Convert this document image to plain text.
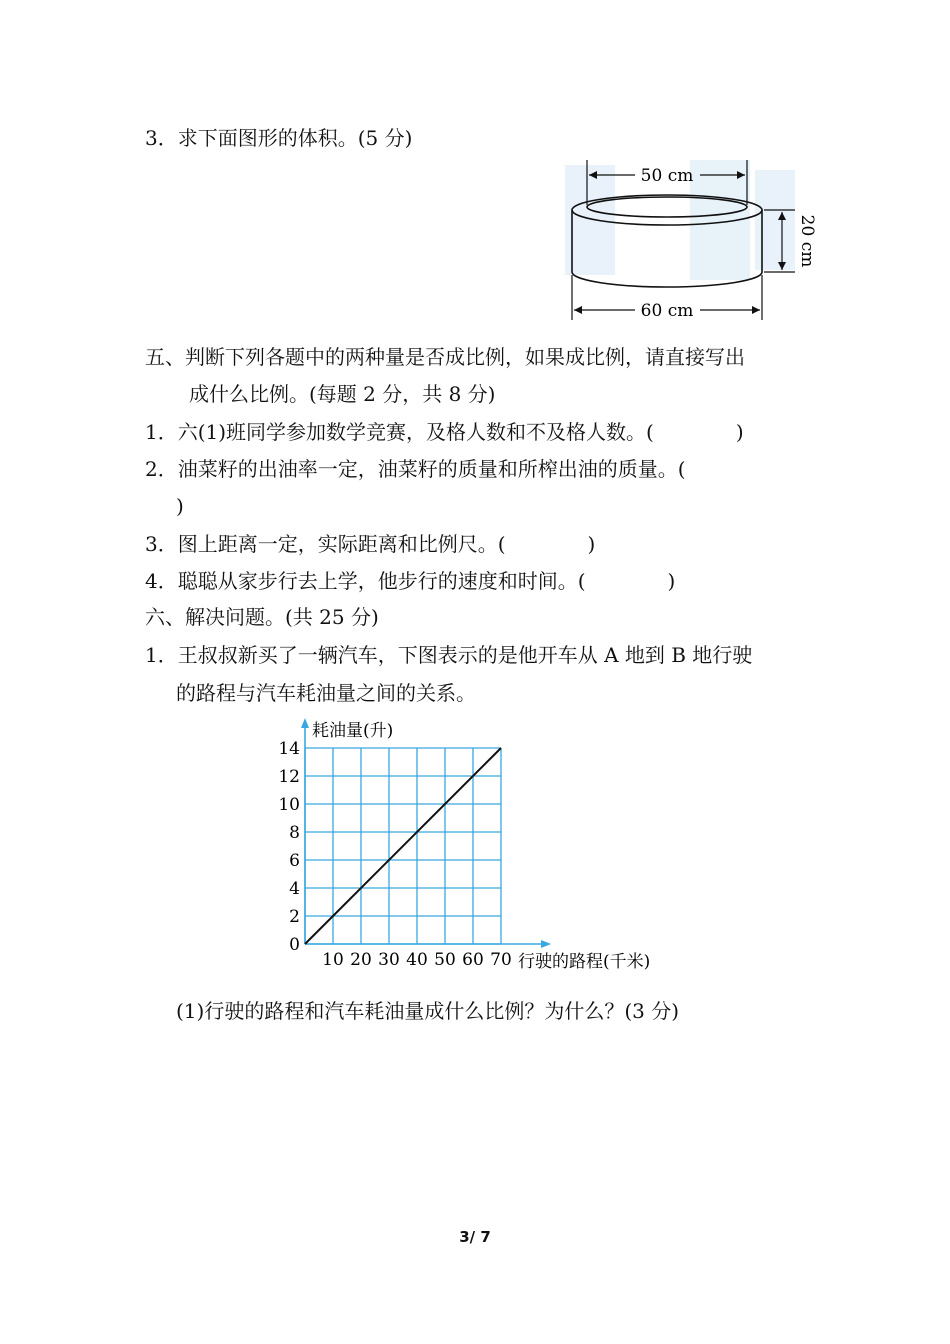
3．求下面图形的体积。(5 分)
50 cm
60 cm
20 cm
五、判断下列各题中的两种量是否成比例，如果成比例，请直接写出
成什么比例。(每题 2 分，共 8 分)
1．六(1)班同学参加数学竞赛，及格人数和不及格人数。(	)
2．油菜籽的出油率一定，油菜籽的质量和所榨出油的质量。(
)
3．图上距离一定，实际距离和比例尺。(	)
4．聪聪从家步行去上学，他步行的速度和时间。(	)
六、解决问题。(共 25 分)
1．王叔叔新买了一辆汽车，下图表示的是他开车从 A 地到 B 地行驶
的路程与汽车耗油量之间的关系。
0
2
4
6
8
10
12
14
10 20 30 40 50 60 70
耗油量(升)
行驶的路程(千米)
(1)行驶的路程和汽车耗油量成什么比例？为什么？(3 分)
3/ 7
